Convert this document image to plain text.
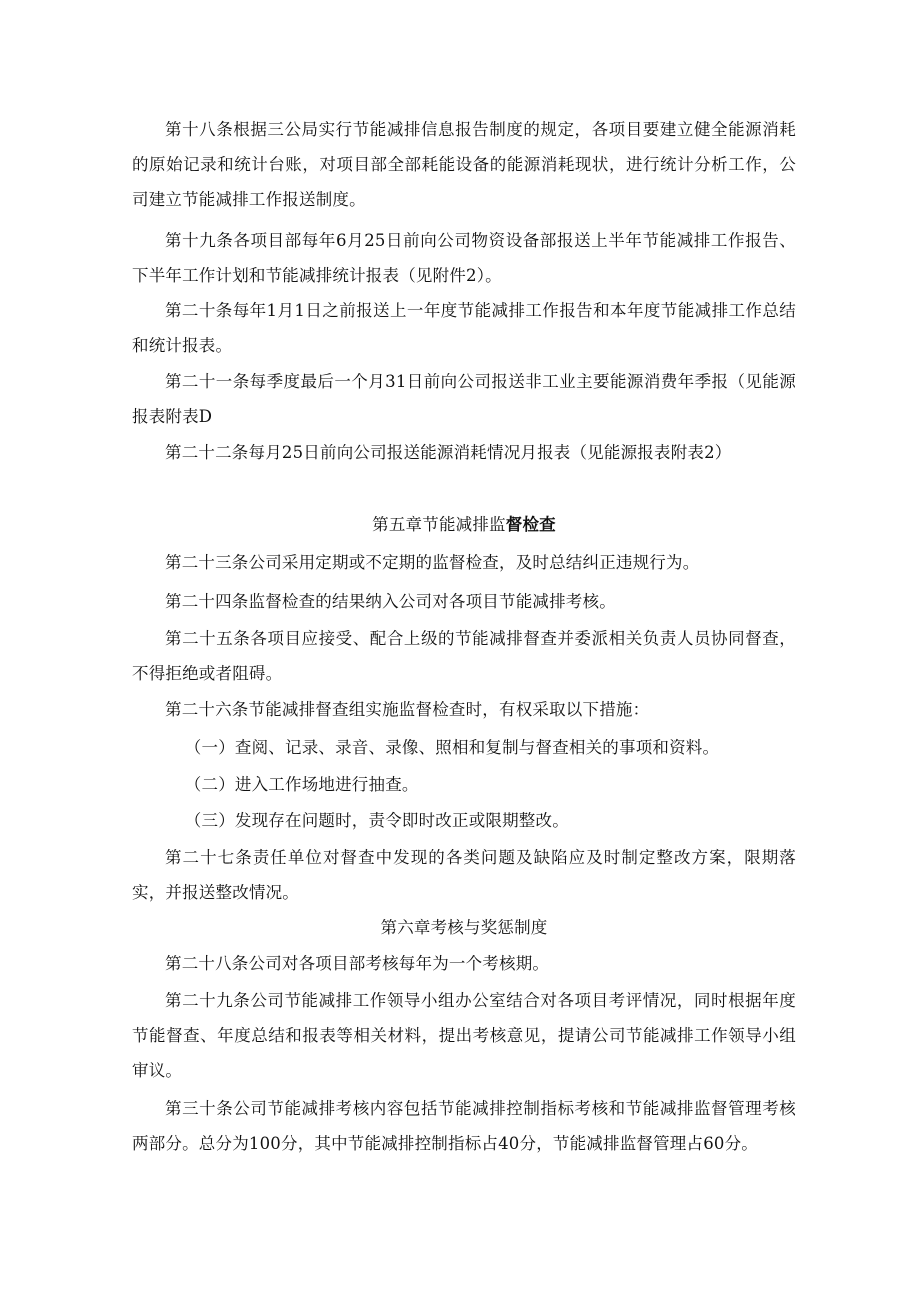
第十八条根据三公局实行节能减排信息报告制度的规定，各项目要建立健全能源消耗的原始记录和统计台账，对项目部全部耗能设备的能源消耗现状，进行统计分析工作，公司建立节能减排工作报送制度。

第十九条各项目部每年6月25日前向公司物资设备部报送上半年节能减排工作报告、下半年工作计划和节能减排统计报表（见附件2）。

第二十条每年1月1日之前报送上一年度节能减排工作报告和本年度节能减排工作总结和统计报表。

第二十一条每季度最后一个月31日前向公司报送非工业主要能源消费年季报（见能源报表附表D

第二十二条每月25日前向公司报送能源消耗情况月报表（见能源报表附表2）

第五章节能减排监督检查

第二十三条公司采用定期或不定期的监督检查，及时总结纠正违规行为。

第二十四条监督检查的结果纳入公司对各项目节能减排考核。

第二十五条各项目应接受、配合上级的节能减排督查并委派相关负责人员协同督查，不得拒绝或者阻碍。

第二十六条节能减排督查组实施监督检查时，有权采取以下措施：

（一）查阅、记录、录音、录像、照相和复制与督查相关的事项和资料。

（二）进入工作场地进行抽查。

（三）发现存在问题时，责令即时改正或限期整改。

第二十七条责任单位对督查中发现的各类问题及缺陷应及时制定整改方案，限期落实，并报送整改情况。

第六章考核与奖惩制度

第二十八条公司对各项目部考核每年为一个考核期。

第二十九条公司节能减排工作领导小组办公室结合对各项目考评情况，同时根据年度节能督查、年度总结和报表等相关材料，提出考核意见，提请公司节能减排工作领导小组审议。

第三十条公司节能减排考核内容包括节能减排控制指标考核和节能减排监督管理考核两部分。总分为100分，其中节能减排控制指标占40分，节能减排监督管理占60分。
